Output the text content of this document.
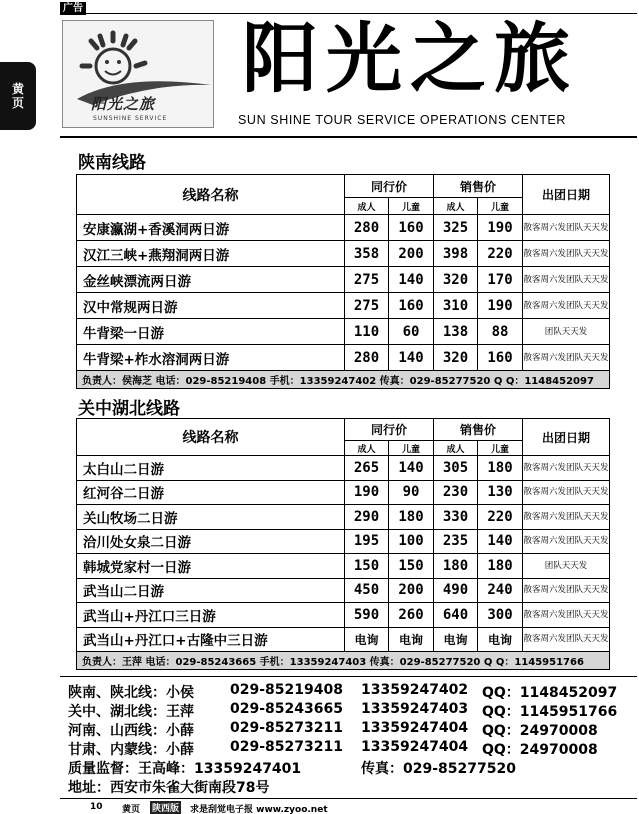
广告
黄页	阳光之旅
SUNSHINE SERVICE
阳光之旅
SUN SHINE TOUR SERVICE OPERATIONS CENTER
陕南线路
线路名称	同行价		销售价		出团日期
	成人	儿童	成人	儿童	
安康瀛湖+香溪洞两日游	280	160	325	190	散客周六发团队天天发
汉江三峡+燕翔洞两日游	358	200	398	220	散客周六发团队天天发
金丝峡漂流两日游	275	140	320	170	散客周六发团队天天发
汉中常规两日游	275	160	310	190	散客周六发团队天天发
牛背梁一日游	110	60	138	88	团队天天发
牛背梁+柞水溶洞两日游	280	140	320	160	散客周六发团队天天发
负责人：侯海芝 电话：029-85219408 手机：13359247402 传真：029-85277520 Q Q：1148452097					
关中湖北线路
线路名称	同行价		销售价		出团日期
	成人	儿童	成人	儿童	
太白山二日游	265	140	305	180	散客周六发团队天天发
红河谷二日游	190	90	230	130	散客周六发团队天天发
关山牧场二日游	290	180	330	220	散客周六发团队天天发
洽川处女泉二日游	195	100	235	140	散客周六发团队天天发
韩城党家村一日游	150	150	180	180	团队天天发
武当山二日游	450	200	490	240	散客周六发团队天天发
武当山+丹江口三日游	590	260	640	300	散客周六发团队天天发
武当山+丹江口+古隆中三日游	电询	电询	电询	电询	散客周六发团队天天发
负责人：王萍 电话：029-85243665 手机：13359247403 传真：029-85277520 Q Q：1145951766					
陕南、陕北线：小侯	029-85219408 13359247402 QQ：1148452097
关中、湖北线：王萍	029-85243665 13359247403 QQ：1145951766
河南、山西线：小薛	029-85273211 13359247404 QQ：24970008
甘肃、内蒙线：小薛	029-85273211 13359247404 QQ：24970008
质量监督：王高峰：13359247401	传真：029-85277520
地址：西安市朱雀大街南段78号
10 黄页 陕西版 求是刮觉电子报 www.zyoo.net
